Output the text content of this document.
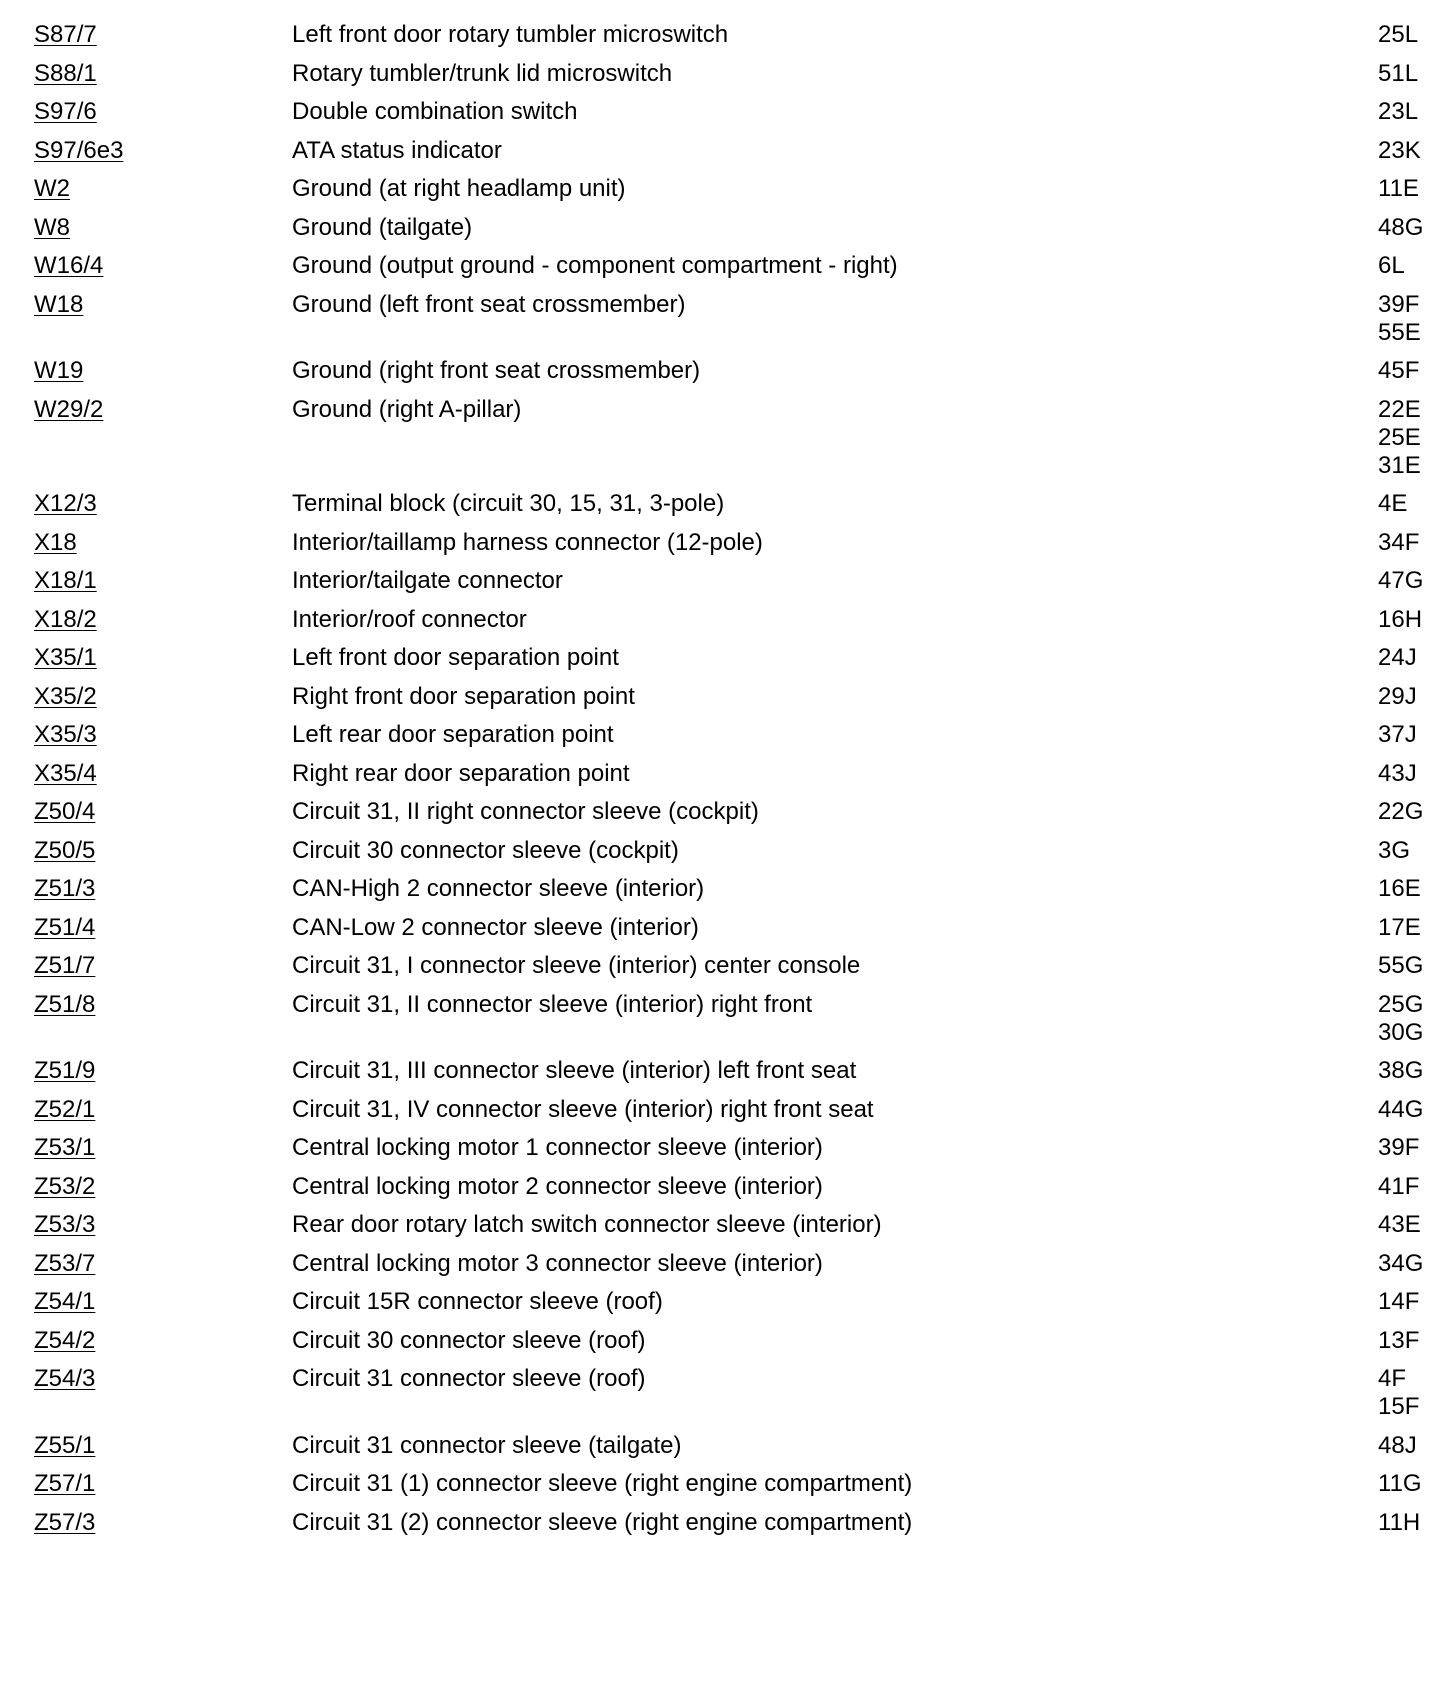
S87/7	Left front door rotary tumbler microswitch	25L
S88/1	Rotary tumbler/trunk lid microswitch	51L
S97/6	Double combination switch	23L
S97/6e3	ATA status indicator	23K
W2	Ground (at right headlamp unit)	11E
W8	Ground (tailgate)	48G
W16/4	Ground (output ground - component compartment - right)	6L
W18	Ground (left front seat crossmember)	39F
55E
W19	Ground (right front seat crossmember)	45F
W29/2	Ground (right A-pillar)	22E
25E
31E
X12/3	Terminal block (circuit 30, 15, 31, 3-pole)	4E
X18	Interior/taillamp harness connector (12-pole)	34F
X18/1	Interior/tailgate connector	47G
X18/2	Interior/roof connector	16H
X35/1	Left front door separation point	24J
X35/2	Right front door separation point	29J
X35/3	Left rear door separation point	37J
X35/4	Right rear door separation point	43J
Z50/4	Circuit 31, II right connector sleeve (cockpit)	22G
Z50/5	Circuit 30 connector sleeve (cockpit)	3G
Z51/3	CAN-High 2 connector sleeve (interior)	16E
Z51/4	CAN-Low 2 connector sleeve (interior)	17E
Z51/7	Circuit 31, I connector sleeve (interior) center console	55G
Z51/8	Circuit 31, II connector sleeve (interior) right front	25G
30G
Z51/9	Circuit 31, III connector sleeve (interior) left front seat	38G
Z52/1	Circuit 31, IV connector sleeve (interior) right front seat	44G
Z53/1	Central locking motor 1 connector sleeve (interior)	39F
Z53/2	Central locking motor 2 connector sleeve (interior)	41F
Z53/3	Rear door rotary latch switch connector sleeve (interior)	43E
Z53/7	Central locking motor 3 connector sleeve (interior)	34G
Z54/1	Circuit 15R connector sleeve (roof)	14F
Z54/2	Circuit 30 connector sleeve (roof)	13F
Z54/3	Circuit 31 connector sleeve (roof)	4F
15F
Z55/1	Circuit 31 connector sleeve (tailgate)	48J
Z57/1	Circuit 31 (1) connector sleeve (right engine compartment)	11G
Z57/3	Circuit 31 (2) connector sleeve (right engine compartment)	11H
